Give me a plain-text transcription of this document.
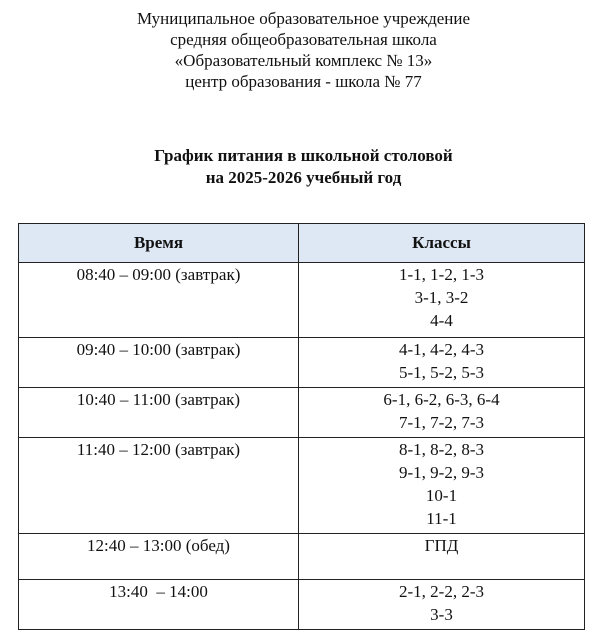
Муниципальное образовательное учреждение
средняя общеобразовательная школа
«Образовательный комплекс № 13»
центр образования - школа № 77
График питания в школьной столовой
на 2025-2026 учебный год
Время	Классы
08:40 – 09:00 (завтрак)	1-1, 1-2, 1-3
3-1, 3-2
4-4

09:40 – 10:00 (завтрак)	4-1, 4-2, 4-3
5-1, 5-2, 5-3

10:40 – 11:00 (завтрак)	6-1, 6-2, 6-3, 6-4
7-1, 7-2, 7-3

11:40 – 12:00 (завтрак)	8-1, 8-2, 8-3
9-1, 9-2, 9-3
10-1
11-1

12:40 – 13:00 (обед)	ГПД

13:40  – 14:00	2-1, 2-2, 2-3
3-3
